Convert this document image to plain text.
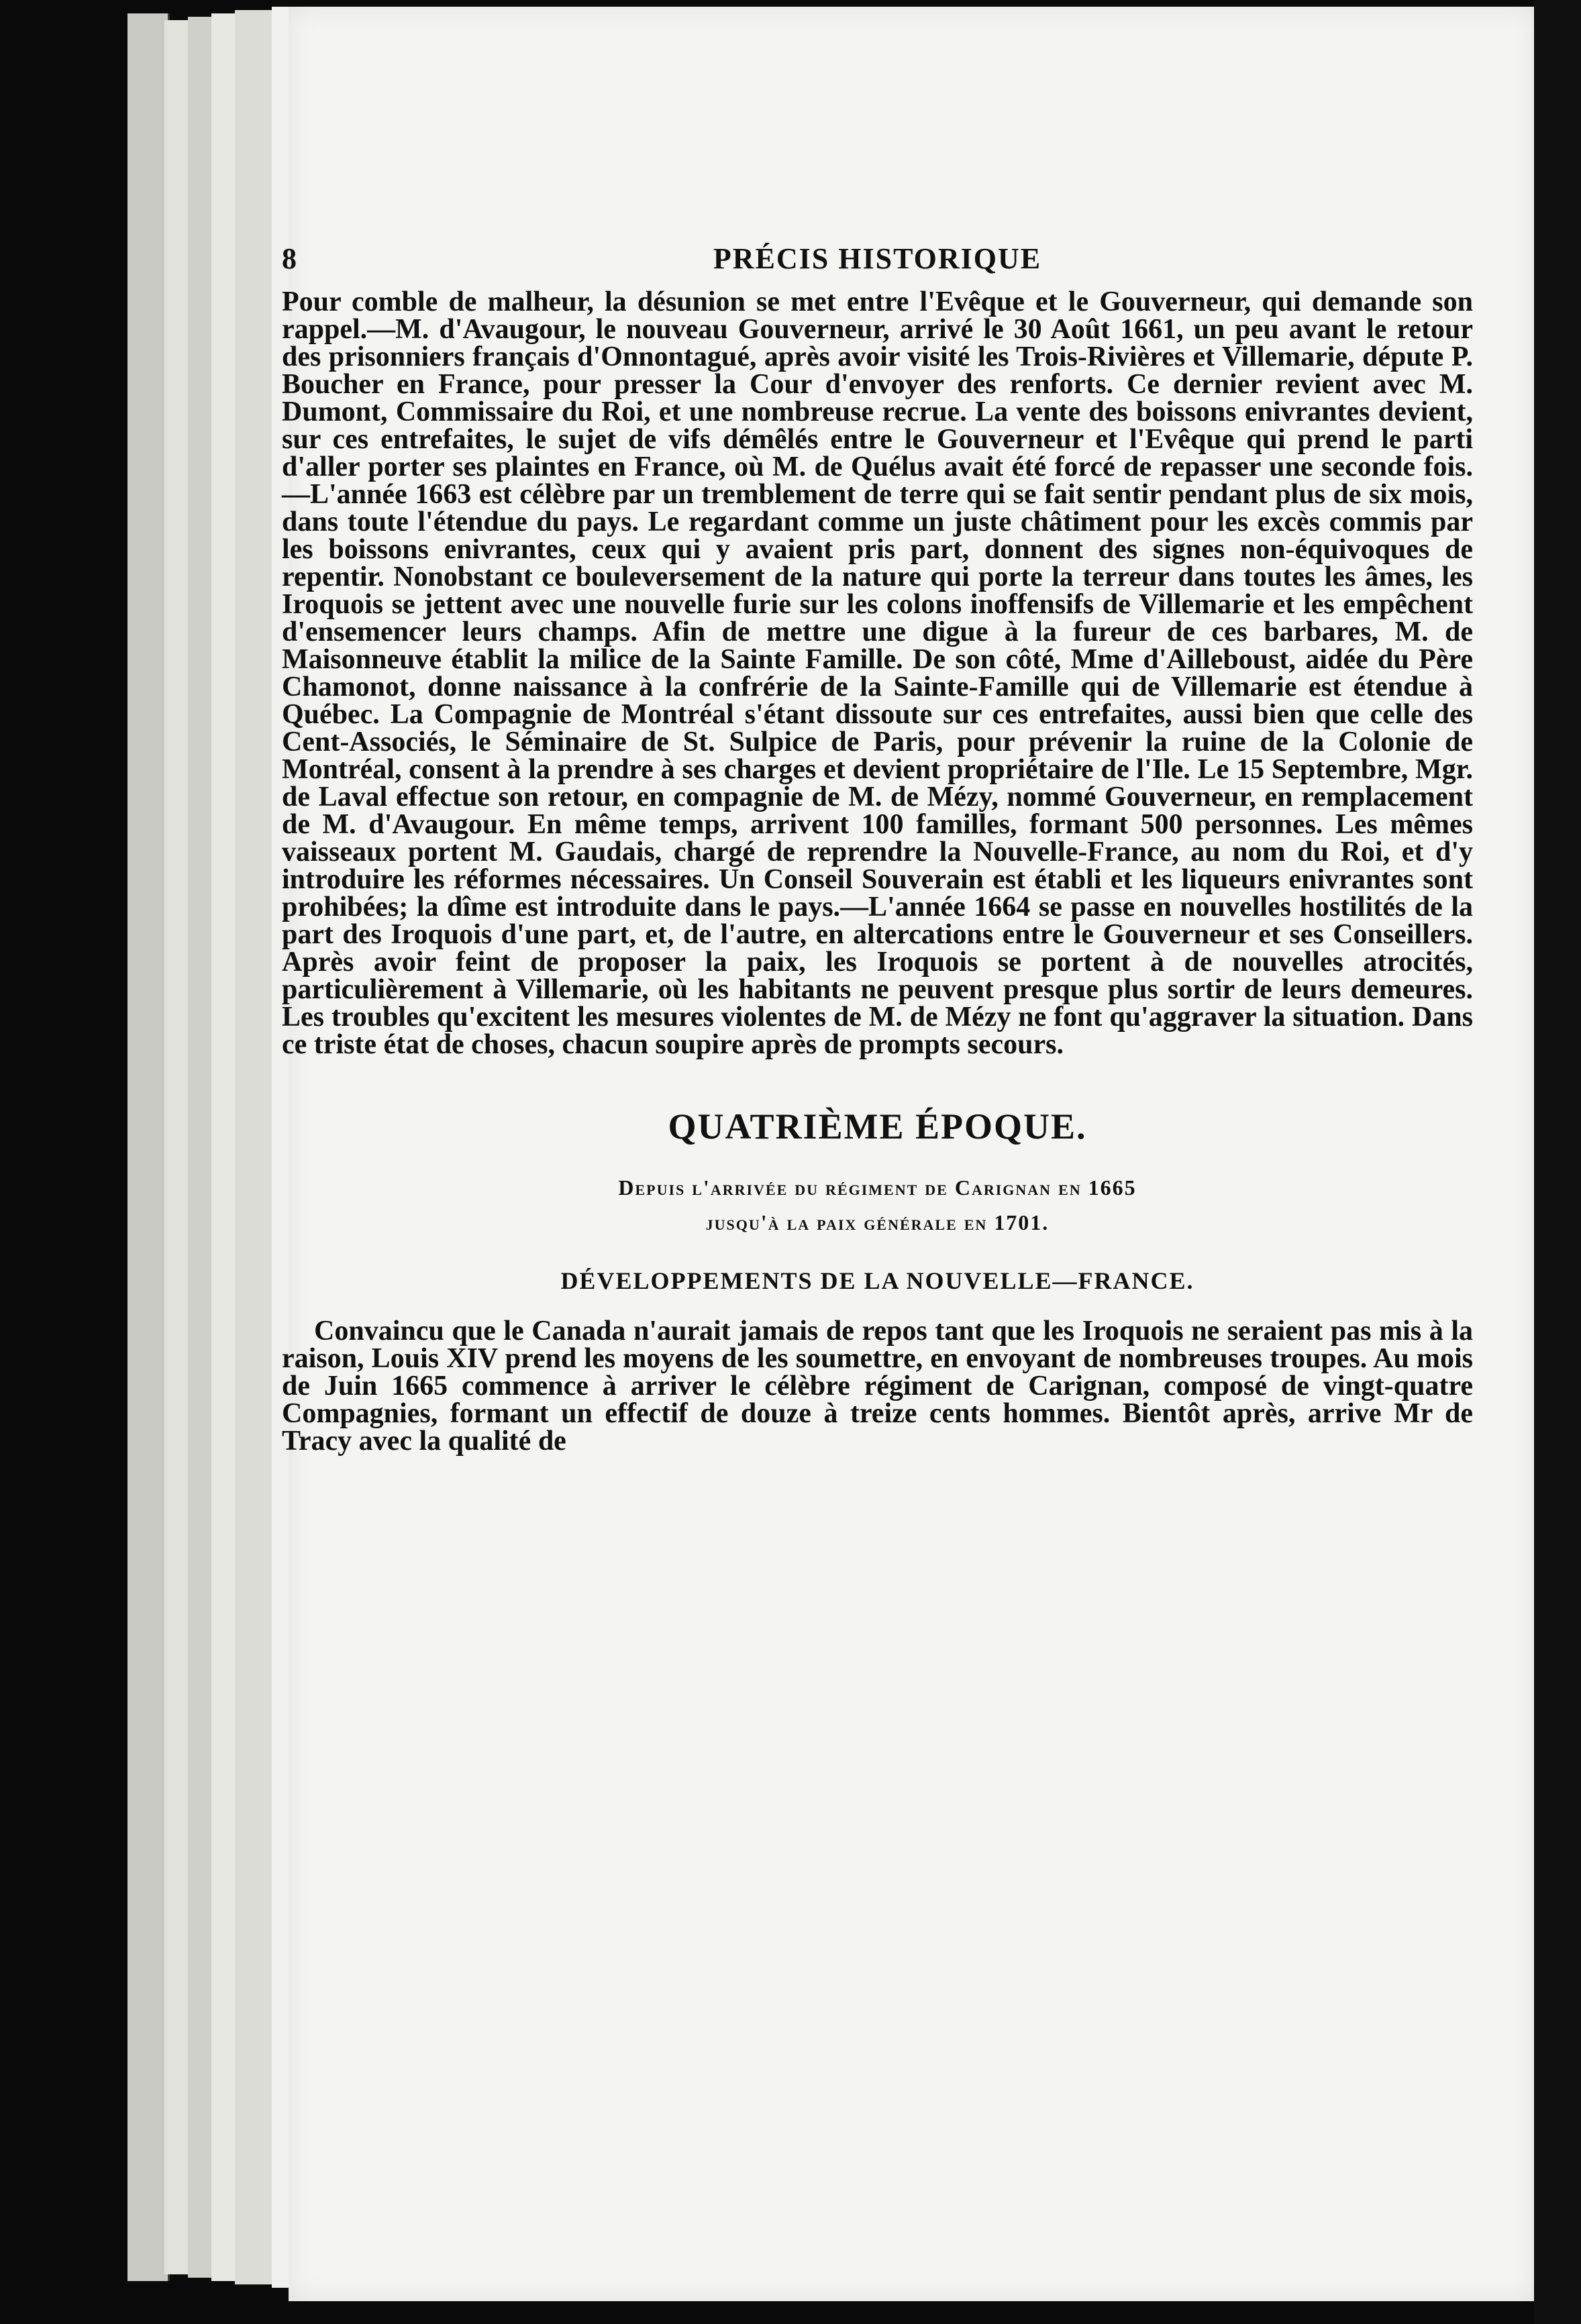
8	PRÉCIS HISTORIQUE

Pour comble de malheur, la désunion se met entre l'Evêque et le Gouverneur, qui demande son rappel.—M. d'Avaugour, le nouveau Gouverneur, arrivé le 30 Août 1661, un peu avant le retour des prisonniers français d'Onnontagué, après avoir visité les Trois-Rivières et Villemarie, députe P. Boucher en France, pour presser la Cour d'envoyer des renforts. Ce dernier revient avec M. Dumont, Commissaire du Roi, et une nombreuse recrue. La vente des boissons enivrantes devient, sur ces entrefaites, le sujet de vifs démêlés entre le Gouverneur et l'Evêque qui prend le parti d'aller porter ses plaintes en France, où M. de Quélus avait été forcé de repasser une seconde fois.—L'année 1663 est célèbre par un tremblement de terre qui se fait sentir pendant plus de six mois, dans toute l'étendue du pays. Le regardant comme un juste châtiment pour les excès commis par les boissons enivrantes, ceux qui y avaient pris part, donnent des signes non-équivoques de repentir. Nonobstant ce bouleversement de la nature qui porte la terreur dans toutes les âmes, les Iroquois se jettent avec une nouvelle furie sur les colons inoffensifs de Villemarie et les empêchent d'ensemencer leurs champs. Afin de mettre une digue à la fureur de ces barbares, M. de Maisonneuve établit la milice de la Sainte Famille. De son côté, Mme d'Ailleboust, aidée du Père Chamonot, donne naissance à la confrérie de la Sainte-Famille qui de Villemarie est étendue à Québec. La Compagnie de Montréal s'étant dissoute sur ces entrefaites, aussi bien que celle des Cent-Associés, le Séminaire de St. Sulpice de Paris, pour prévenir la ruine de la Colonie de Montréal, consent à la prendre à ses charges et devient propriétaire de l'Ile. Le 15 Septembre, Mgr. de Laval effectue son retour, en compagnie de M. de Mézy, nommé Gouverneur, en remplacement de M. d'Avaugour. En même temps, arrivent 100 familles, formant 500 personnes. Les mêmes vaisseaux portent M. Gaudais, chargé de reprendre la Nouvelle-France, au nom du Roi, et d'y introduire les réformes nécessaires. Un Conseil Souverain est établi et les liqueurs enivrantes sont prohibées; la dîme est introduite dans le pays.—L'année 1664 se passe en nouvelles hostilités de la part des Iroquois d'une part, et, de l'autre, en altercations entre le Gouverneur et ses Conseillers. Après avoir feint de proposer la paix, les Iroquois se portent à de nouvelles atrocités, particulièrement à Villemarie, où les habitants ne peuvent presque plus sortir de leurs demeures. Les troubles qu'excitent les mesures violentes de M. de Mézy ne font qu'aggraver la situation. Dans ce triste état de choses, chacun soupire après de prompts secours.

QUATRIÈME ÉPOQUE.
Depuis l'arrivée du régiment de Carignan en 1665
jusqu'à la paix générale en 1701.
DÉVELOPPEMENTS DE LA NOUVELLE—FRANCE.

Convaincu que le Canada n'aurait jamais de repos tant que les Iroquois ne seraient pas mis à la raison, Louis XIV prend les moyens de les soumettre, en envoyant de nombreuses troupes. Au mois de Juin 1665 commence à arriver le célèbre régiment de Carignan, composé de vingt-quatre Compagnies, formant un effectif de douze à treize cents hommes. Bientôt après, arrive Mr de Tracy avec la qualité de
